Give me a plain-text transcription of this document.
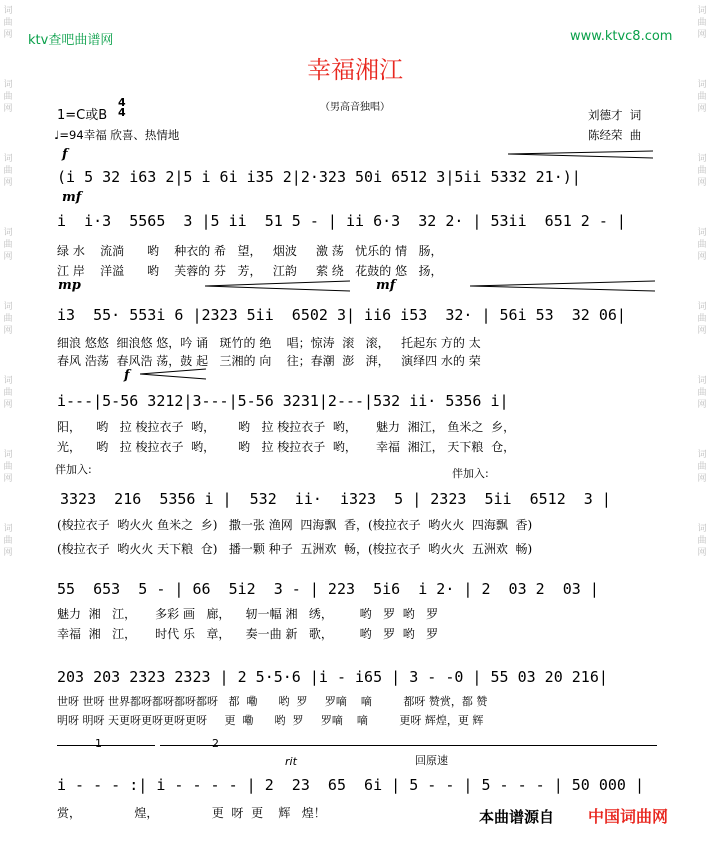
词
曲
网
词
曲
网
词
曲
网
词
曲
网
词
曲
网
词
曲
网
词
曲
网
词
曲
网
词
曲
网
词
曲
网
词
曲
网
词
曲
网
词
曲
网
词
曲
网
词
曲
网
词
曲
网
ktv查吧曲谱网	www.ktvc8.com
幸福湘江
（男高音独唱）
1=C或B
4
4
♩=94幸福 欣喜、热情地
刘德才  词
陈经荣  曲
f
mf
mp	mf
f
伴加入:	伴加入:
rit	回原速
1	2
(i 5 32 i63 2|5 i 6i i35 2|2·323 50i 6512 3|5ii 5332 21·)|
i  i·3  5565  3 |5 ii  51 5 - | ii 6·3  32 2· | 53ii  651 2 - |
绿 水    流淌      哟    种衣的 希   望，   烟波     激 荡   忧乐的 情   肠，
江 岸    洋溢      哟    芙蓉的 芬   芳，   江韵     萦 绕   花鼓的 悠   扬，
i3  55· 553i 6 |2323 5ii  6502 3| ii6 i53  32· | 56i 53  32 06|
细浪 悠悠  细浪悠 悠，吟 诵   斑竹的 绝    唱；惊涛  滚   滚，   托起东 方的 太
春风 浩荡  春风浩 荡，鼓 起   三湘的 向    往；春潮  澎   湃，   演绎四 水的 荣
i---|5-56 3212|3---|5-56 3231|2---|532 ii· 5356 i|
阳，    哟   拉 梭拉衣子  哟，      哟   拉 梭拉衣子  哟，     魅力  湘江， 鱼米之  乡，
光，    哟   拉 梭拉衣子  哟，      哟   拉 梭拉衣子  哟，     幸福  湘江， 天下粮  仓，
3323  216  5356 i |  532  ii·  i323  5 | 2323  5ii  6512  3 |
(梭拉衣子  哟火火 鱼米之  乡)   撒一张 渔网  四海飘  香，(梭拉衣子  哟火火  四海飘  香)
(梭拉衣子  哟火火 天下粮  仓)   播一颗 种子  五洲欢  畅，(梭拉衣子  哟火火  五洲欢  畅)
55  653  5 - | 66  5i2  3 - | 223  5i6  i 2· | 2  03 2  03 |
魅力  湘   江，     多彩 画   廊，    轫一幅 湘   绣，       哟   罗  哟   罗
幸福  湘   江，     时代 乐   章，    奏一曲 新   歌，       哟   罗  哟   罗
203 203 2323 2323 | 2 5·5·6 |i - i65 | 3 - -0 | 55 03 20 216|
世呀 世呀 世界都呀都呀都呀都呀   都  嘞      哟  罗     罗嘀    嘀         都呀 赞赏，都 赞
明呀 明呀 天更呀更呀更呀更呀     更  嘞      哟  罗     罗嘀    嘀         更呀 辉煌，更 辉
i - - - :| i - - - - | 2  23  65  6i | 5 - - | 5 - - - | 50 000 |
赏，              煌，              更  呀  更    辉   煌！	本曲谱源自 中国词曲网
